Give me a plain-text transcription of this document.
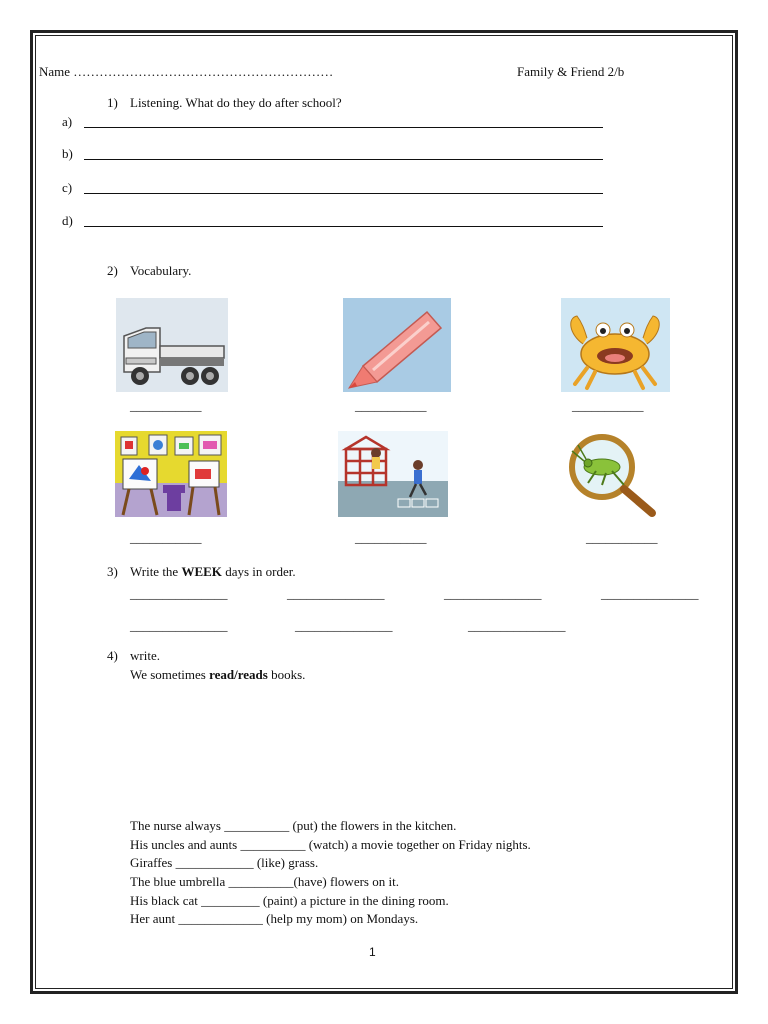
Name ……………………………………………………	Family & Friend 2/b
1) Listening. What do they do after school?
a)
b)
c)
d)
2) Vocabulary.
___________	___________	___________
___________	___________	___________
3) Write the WEEK days in order.
_______________	_______________	_______________	_______________
_______________	_______________	_______________
4) write.
We sometimes read/reads books.
The nurse always __________ (put) the flowers in the kitchen.
His uncles and aunts __________ (watch) a movie together on Friday nights.
Giraffes ____________ (like) grass.
The blue umbrella __________(have) flowers on it.
His black cat _________ (paint) a picture in the dining room.
Her aunt _____________ (help my mom) on Mondays.
1
